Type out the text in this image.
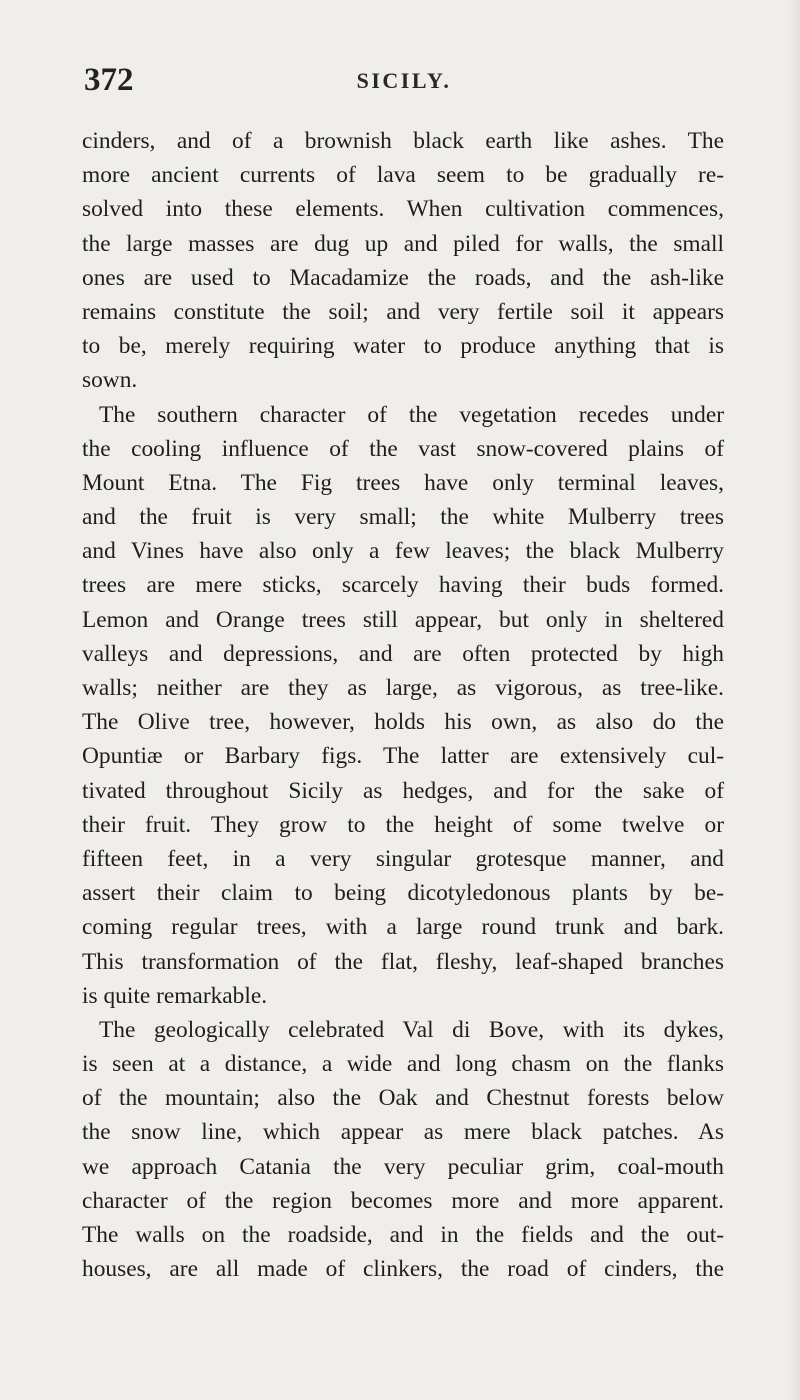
372	SICILY.
cinders, and of a brownish black earth like ashes. The
more ancient currents of lava seem to be gradually re-
solved into these elements. When cultivation commences,
the large masses are dug up and piled for walls, the small
ones are used to Macadamize the roads, and the ash-like
remains constitute the soil; and very fertile soil it appears
to be, merely requiring water to produce anything that is
sown.
The southern character of the vegetation recedes under
the cooling influence of the vast snow-covered plains of
Mount Etna. The Fig trees have only terminal leaves,
and the fruit is very small; the white Mulberry trees
and Vines have also only a few leaves; the black Mulberry
trees are mere sticks, scarcely having their buds formed.
Lemon and Orange trees still appear, but only in sheltered
valleys and depressions, and are often protected by high
walls; neither are they as large, as vigorous, as tree-like.
The Olive tree, however, holds his own, as also do the
Opuntiæ or Barbary figs. The latter are extensively cul-
tivated throughout Sicily as hedges, and for the sake of
their fruit. They grow to the height of some twelve or
fifteen feet, in a very singular grotesque manner, and
assert their claim to being dicotyledonous plants by be-
coming regular trees, with a large round trunk and bark.
This transformation of the flat, fleshy, leaf-shaped branches
is quite remarkable.
The geologically celebrated Val di Bove, with its dykes,
is seen at a distance, a wide and long chasm on the flanks
of the mountain; also the Oak and Chestnut forests below
the snow line, which appear as mere black patches. As
we approach Catania the very peculiar grim, coal-mouth
character of the region becomes more and more apparent.
The walls on the roadside, and in the fields and the out-
houses, are all made of clinkers, the road of cinders, the
